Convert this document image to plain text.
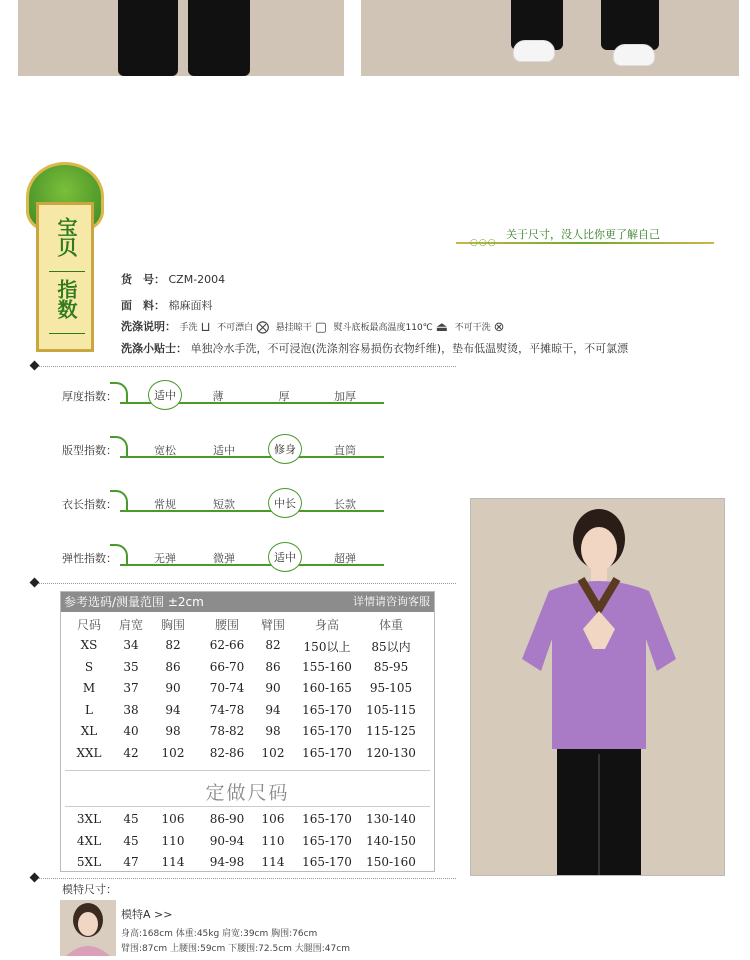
宝贝
指数
关于尺寸，没人比你更了解自己
○○○
货　号： CZM-2004
面　料： 棉麻面料
洗涤说明： 手洗 ⊔ 不可漂白 ⨂ 悬挂晾干 ▢ 熨斗底板最高温度110℃ ⏏ 不可干洗 ⊗
洗涤小贴士： 单独冷水手洗，不可浸泡(洗涤剂容易损伤衣物纤维)，垫布低温熨烫，平摊晾干，不可氯漂
厚度指数：	适中	薄	厚	加厚
版型指数：	宽松	适中	修身	直筒
衣长指数：	常规	短款	中长	长款
弹性指数：	无弹	微弹	适中	超弹
参考选码/测量范围 ±2cm	详情请咨询客服
尺码	肩宽	胸围	腰围	臂围	身高	体重
XS	34	82	62-66	82	150以上	85以内
S	35	86	66-70	86	155-160	85-95
M	37	90	70-74	90	160-165	95-105
L	38	94	74-78	94	165-170	105-115
XL	40	98	78-82	98	165-170	115-125
XXL	42	102	82-86	102	165-170	120-130
定做尺码
3XL	45	106	86-90	106	165-170	130-140
4XL	45	110	90-94	110	165-170	140-150
5XL	47	114	94-98	114	165-170	150-160
模特尺寸：
模特A >>
身高:168cm 体重:45kg 肩宽:39cm 胸围:76cm
臂围:87cm 上腰围:59cm 下腰围:72.5cm 大腿围:47cm
